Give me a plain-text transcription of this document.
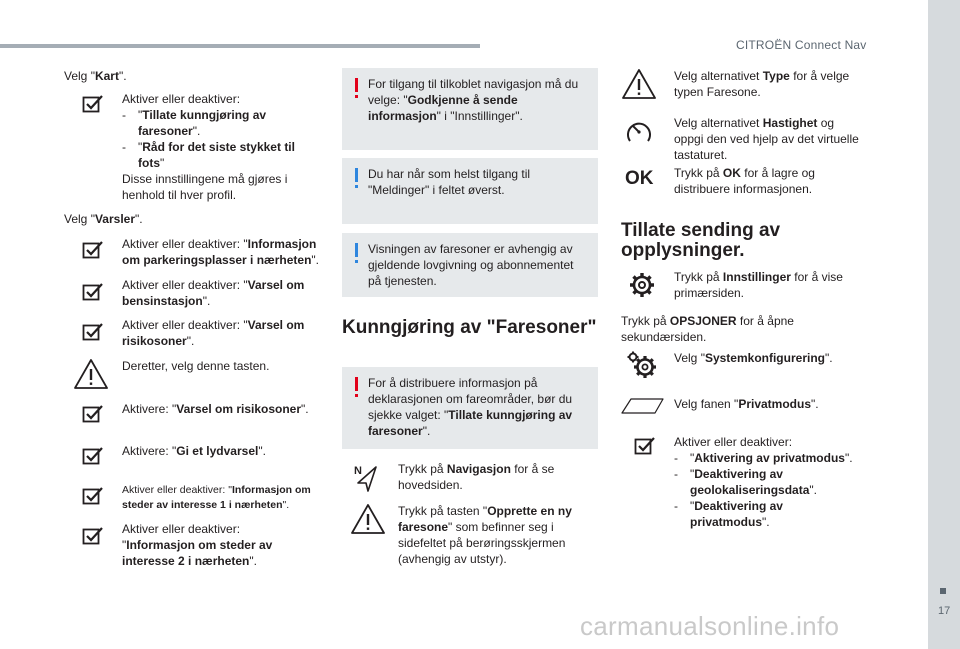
CITROËN Connect Nav
17
carmanualsonline.info
Velg "Kart".
Aktiver eller deaktiver:
- "Tillate kunngjøring av faresoner".
- "Råd for det siste stykket til fots"
Disse innstillingene må gjøres i henhold til hver profil.
Velg "Varsler".
Aktiver eller deaktiver: "Informasjon om parkeringsplasser i nærheten".
Aktiver eller deaktiver: "Varsel om bensinstasjon".
Aktiver eller deaktiver: "Varsel om risikosoner".
Deretter, velg denne tasten.
Aktivere: "Varsel om risikosoner".
Aktivere: "Gi et lydvarsel".
Aktiver eller deaktiver: "Informasjon om steder av interesse 1 i nærheten".
Aktiver eller deaktiver: "Informasjon om steder av interesse 2 i nærheten".
For tilgang til tilkoblet navigasjon må du velge: "Godkjenne å sende informasjon" i "Innstillinger".
Du har når som helst tilgang til "Meldinger" i feltet øverst.
Visningen av faresoner er avhengig av gjeldende lovgivning og abonnementet på tjenesten.
Kunngjøring av "Faresoner"
For å distribuere informasjon på deklarasjonen om fareområder, bør du sjekke valget: "Tillate kunngjøring av faresoner".
N	Trykk på Navigasjon for å se hovedsiden.
Trykk på tasten "Opprette en ny faresone" som befinner seg i sidefeltet på berøringsskjermen (avhengig av utstyr).
Velg alternativet Type for å velge typen Faresone.
Velg alternativet Hastighet og oppgi den ved hjelp av det virtuelle tastaturet.
OK Trykk på OK for å lagre og distribuere informasjonen.
Tillate sending av opplysninger.
Trykk på Innstillinger for å vise primærsiden.
Trykk på OPSJONER for å åpne sekundærsiden.
Velg "Systemkonfigurering".
Velg fanen "Privatmodus".
Aktiver eller deaktiver:
- "Aktivering av privatmodus".
- "Deaktivering av geolokaliseringsdata".
- "Deaktivering av privatmodus".
